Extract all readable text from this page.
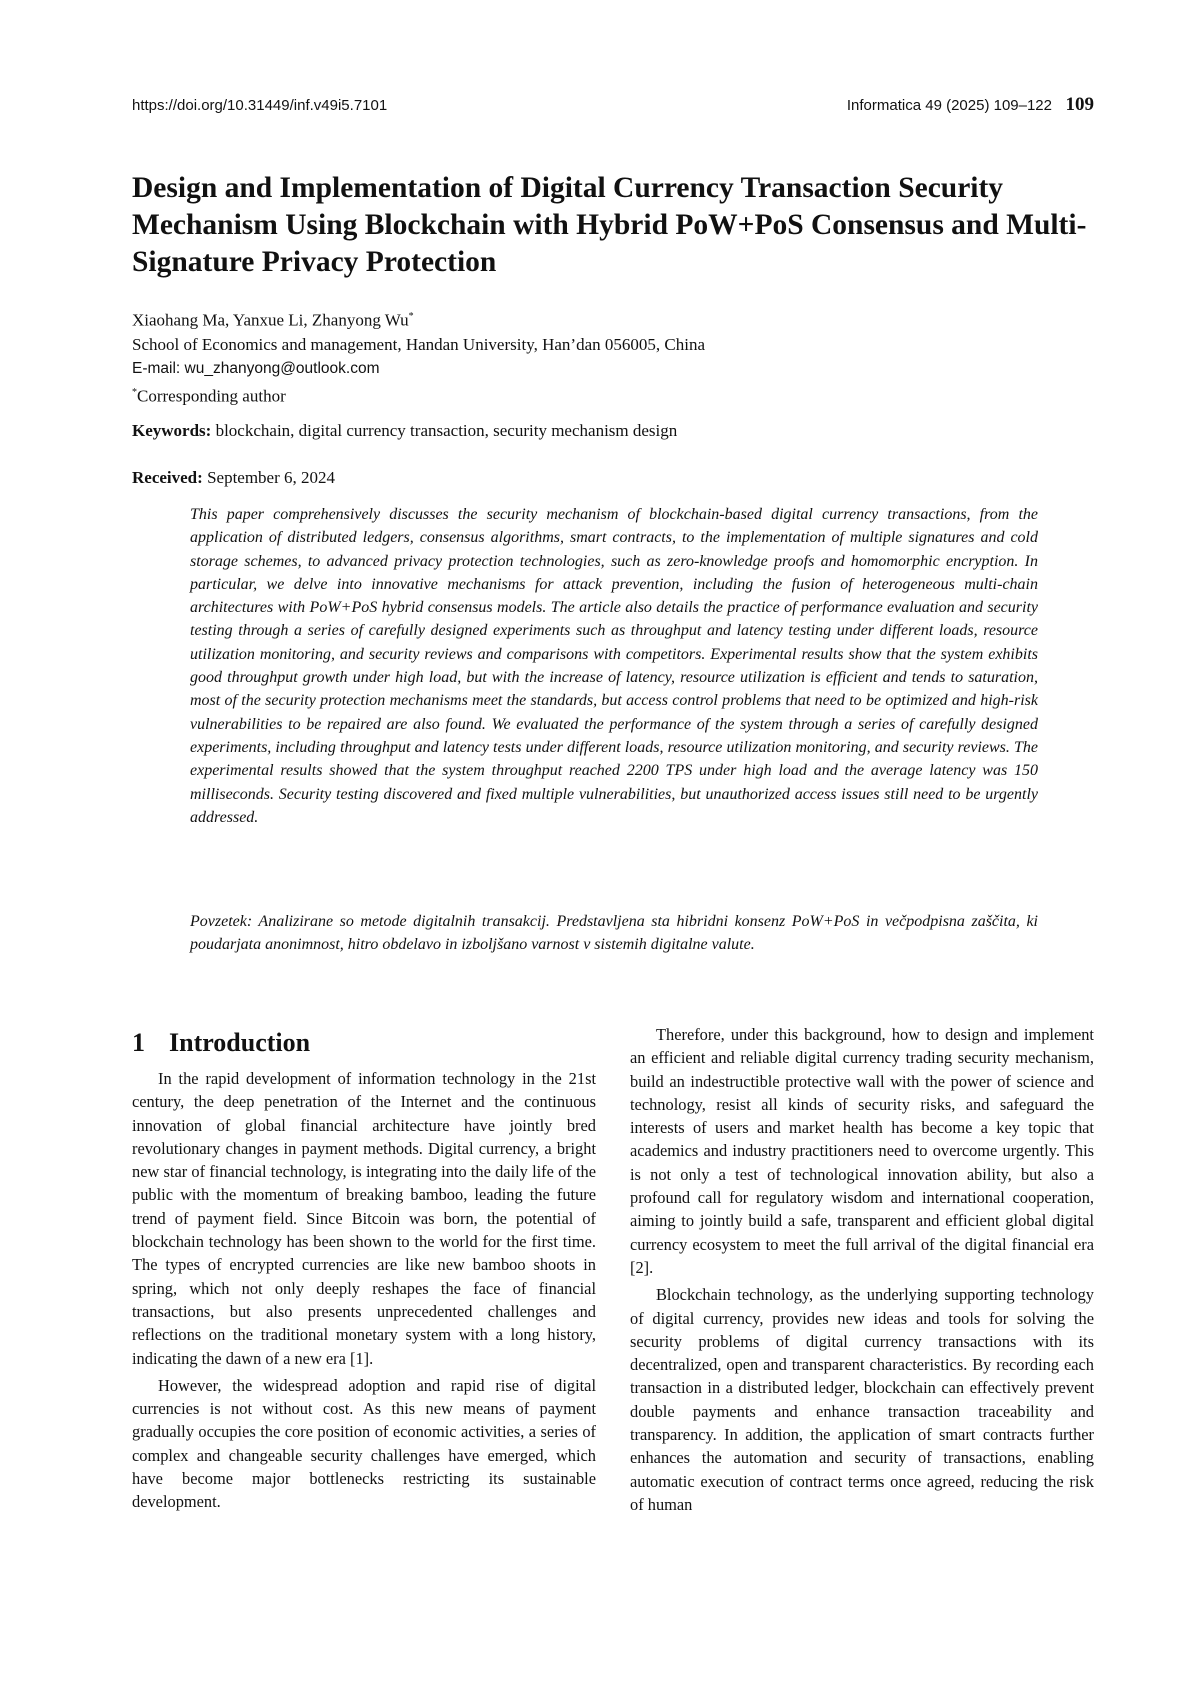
https://doi.org/10.31449/inf.v49i5.7101	Informatica 49 (2025) 109–122 109
Design and Implementation of Digital Currency Transaction Security Mechanism Using Blockchain with Hybrid PoW+PoS Consensus and Multi-Signature Privacy Protection
Xiaohang Ma, Yanxue Li, Zhanyong Wu*
School of Economics and management, Handan University, Han’dan 056005, China
E-mail: wu_zhanyong@outlook.com
*Corresponding author
Keywords: blockchain, digital currency transaction, security mechanism design
Received: September 6, 2024

This paper comprehensively discusses the security mechanism of blockchain-based digital currency transactions, from the application of distributed ledgers, consensus algorithms, smart contracts, to the implementation of multiple signatures and cold storage schemes, to advanced privacy protection technologies, such as zero-knowledge proofs and homomorphic encryption. In particular, we delve into innovative mechanisms for attack prevention, including the fusion of heterogeneous multi-chain architectures with PoW+PoS hybrid consensus models. The article also details the practice of performance evaluation and security testing through a series of carefully designed experiments such as throughput and latency testing under different loads, resource utilization monitoring, and security reviews and comparisons with competitors. Experimental results show that the system exhibits good throughput growth under high load, but with the increase of latency, resource utilization is efficient and tends to saturation, most of the security protection mechanisms meet the standards, but access control problems that need to be optimized and high-risk vulnerabilities to be repaired are also found. We evaluated the performance of the system through a series of carefully designed experiments, including throughput and latency tests under different loads, resource utilization monitoring, and security reviews. The experimental results showed that the system throughput reached 2200 TPS under high load and the average latency was 150 milliseconds. Security testing discovered and fixed multiple vulnerabilities, but unauthorized access issues still need to be urgently addressed.

Povzetek: Analizirane so metode digitalnih transakcij. Predstavljena sta hibridni konsenz PoW+PoS in večpodpisna zaščita, ki poudarjata anonimnost, hitro obdelavo in izboljšano varnost v sistemih digitalne valute.

1 Introduction

In the rapid development of information technology in the 21st century, the deep penetration of the Internet and the continuous innovation of global financial architecture have jointly bred revolutionary changes in payment methods. Digital currency, a bright new star of financial technology, is integrating into the daily life of the public with the momentum of breaking bamboo, leading the future trend of payment field. Since Bitcoin was born, the potential of blockchain technology has been shown to the world for the first time. The types of encrypted currencies are like new bamboo shoots in spring, which not only deeply reshapes the face of financial transactions, but also presents unprecedented challenges and reflections on the traditional monetary system with a long history, indicating the dawn of a new era [1].

However, the widespread adoption and rapid rise of digital currencies is not without cost. As this new means of payment gradually occupies the core position of economic activities, a series of complex and changeable security challenges have emerged, which have become major bottlenecks restricting its sustainable development.

Therefore, under this background, how to design and implement an efficient and reliable digital currency trading security mechanism, build an indestructible protective wall with the power of science and technology, resist all kinds of security risks, and safeguard the interests of users and market health has become a key topic that academics and industry practitioners need to overcome urgently. This is not only a test of technological innovation ability, but also a profound call for regulatory wisdom and international cooperation, aiming to jointly build a safe, transparent and efficient global digital currency ecosystem to meet the full arrival of the digital financial era [2].

Blockchain technology, as the underlying supporting technology of digital currency, provides new ideas and tools for solving the security problems of digital currency transactions with its decentralized, open and transparent characteristics. By recording each transaction in a distributed ledger, blockchain can effectively prevent double payments and enhance transaction traceability and transparency. In addition, the application of smart contracts further enhances the automation and security of transactions, enabling automatic execution of contract terms once agreed, reducing the risk of human
